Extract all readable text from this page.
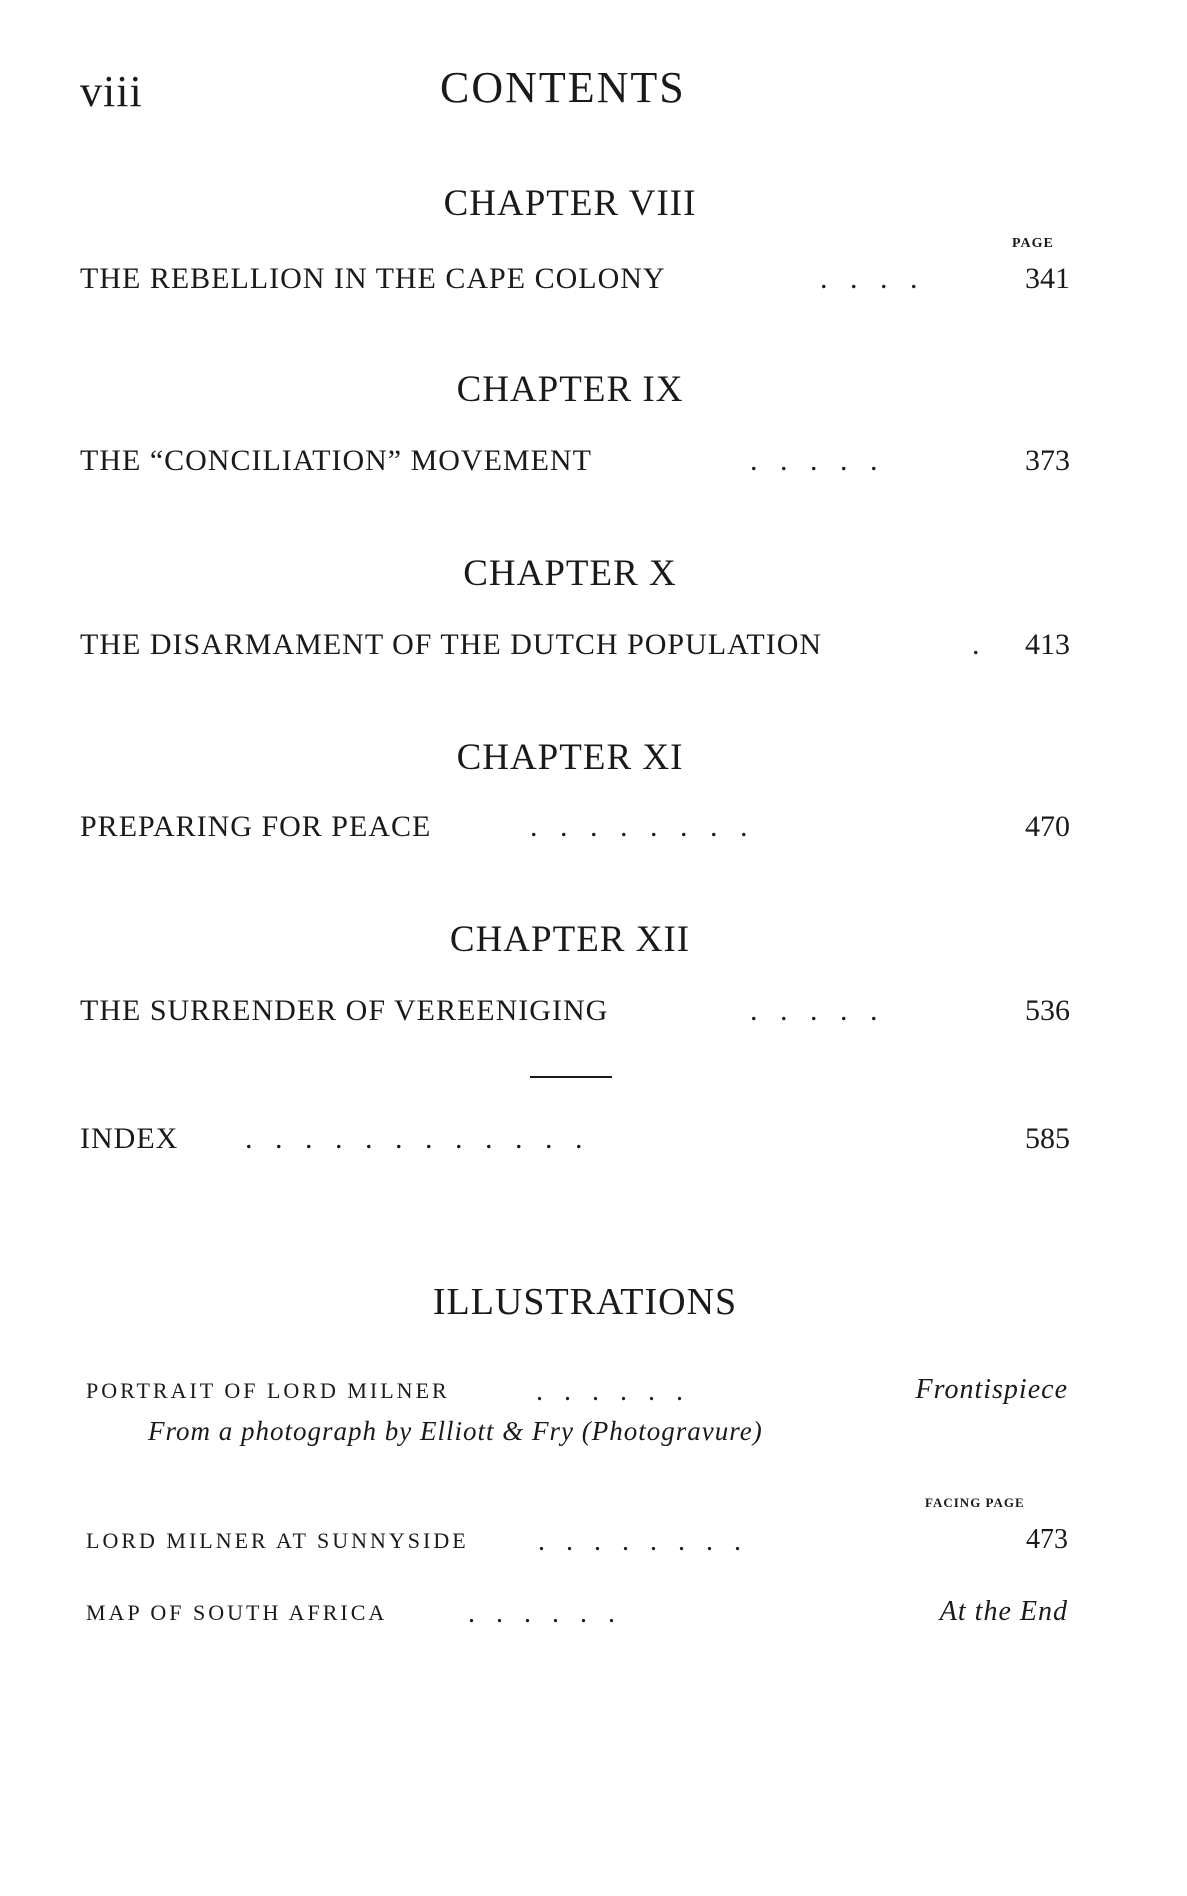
viii	CONTENTS
CHAPTER VIII
PAGE
THE REBELLION IN THE CAPE COLONY	.   .   .   .	341
CHAPTER IX
THE “CONCILIATION” MOVEMENT	.   .   .   .   .	373
CHAPTER X
THE DISARMAMENT OF THE DUTCH POPULATION	. 413
CHAPTER XI
PREPARING FOR PEACE	.   .   .   .   .   .   .   .	470
CHAPTER XII
THE SURRENDER OF VEREENIGING	.   .   .   .   .	536
INDEX .   .   .   .   .   .   .   .   .   .   .   .	585
ILLUSTRATIONS
PORTRAIT OF LORD MILNER	.   .   .   .   .   .	Frontispiece
From a photograph by Elliott & Fry (Photogravure)
FACING PAGE
LORD MILNER AT SUNNYSIDE .   .   .   .   .   .   .   .	473
MAP OF SOUTH AFRICA	.   .   .   .   .   .	At the End
